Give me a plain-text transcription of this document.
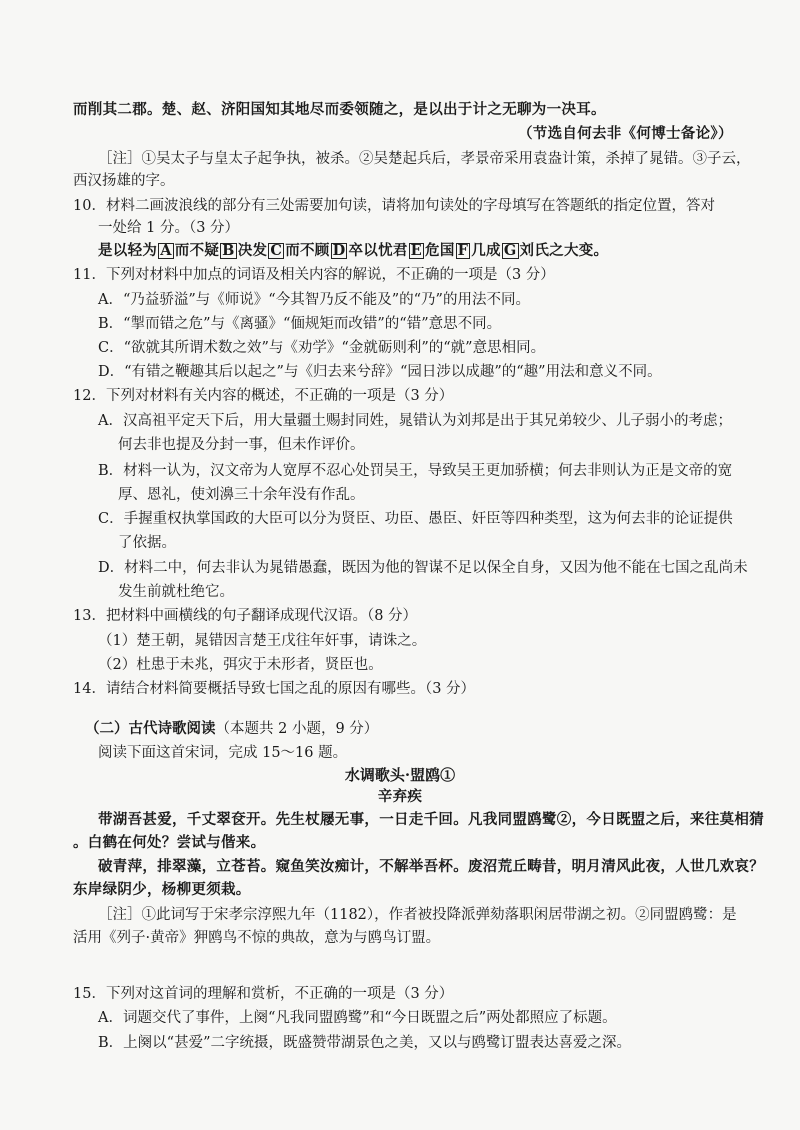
而削其二郡。楚、赵、济阳国知其地尽而委领随之，是以出于计之无聊为一决耳。
（节选自何去非《何博士备论》）
［注］①吴太子与皇太子起争执，被杀。②吴楚起兵后，孝景帝采用袁盎计策，杀掉了晁错。③子云，
西汉扬雄的字。
10．材料二画波浪线的部分有三处需要加句读，请将加句读处的字母填写在答题纸的指定位置，答对
一处给 1 分。（3 分）
是以轻为 A 而不疑 B 决发 C 而不顾 D 卒以忧君 E 危国 F 几成 G 刘氏之大变。
11．下列对材料中加点的词语及相关内容的解说，不正确的一项是（3 分）
A．“乃益骄溢”与《师说》“今其智乃反不能及”的“乃”的用法不同。
B．“掣而错之危”与《离骚》“偭规矩而改错”的“错”意思不同。
C．“欲就其所谓术数之效”与《劝学》“金就砺则利”的“就”意思相同。
D．“有错之鞭趣其后以起之”与《归去来兮辞》“园日涉以成趣”的“趣”用法和意义不同。
12．下列对材料有关内容的概述，不正确的一项是（3 分）
A．汉高祖平定天下后，用大量疆土赐封同姓，晁错认为刘邦是出于其兄弟较少、儿子弱小的考虑；
何去非也提及分封一事，但未作评价。
B．材料一认为，汉文帝为人宽厚不忍心处罚吴王，导致吴王更加骄横；何去非则认为正是文帝的宽
厚、恩礼，使刘濞三十余年没有作乱。
C．手握重权执掌国政的大臣可以分为贤臣、功臣、愚臣、奸臣等四种类型，这为何去非的论证提供
了依据。
D．材料二中，何去非认为晁错愚蠢，既因为他的智谋不足以保全自身，又因为他不能在七国之乱尚未
发生前就杜绝它。
13．把材料中画横线的句子翻译成现代汉语。（8 分）
（1）楚王朝，晁错因言楚王戊往年奸事，请诛之。
（2）杜患于未兆，弭灾于未形者，贤臣也。
14．请结合材料简要概括导致七国之乱的原因有哪些。（3 分）
（二）古代诗歌阅读（本题共 2 小题，9 分）
阅读下面这首宋词，完成 15～16 题。
水调歌头·盟鸥①
辛弃疾
带湖吾甚爱，千丈翠奁开。先生杖屦无事，一日走千回。凡我同盟鸥鹭②，今日既盟之后，来往莫相猜
。白鹤在何处？尝试与偕来。
破青萍，排翠藻，立苍苔。窥鱼笑汝痴计，不解举吾杯。废沼荒丘畴昔，明月清风此夜，人世几欢哀？
东岸绿阴少，杨柳更须栽。
［注］①此词写于宋孝宗淳熙九年（1182），作者被投降派弹劾落职闲居带湖之初。②同盟鸥鹭：是
活用《列子·黄帝》狎鸥鸟不惊的典故，意为与鸥鸟订盟。
15．下列对这首词的理解和赏析，不正确的一项是（3 分）
A．词题交代了事件，上阕“凡我同盟鸥鹭”和“今日既盟之后”两处都照应了标题。
B．上阕以“甚爱”二字统摄，既盛赞带湖景色之美，又以与鸥鹭订盟表达喜爱之深。
